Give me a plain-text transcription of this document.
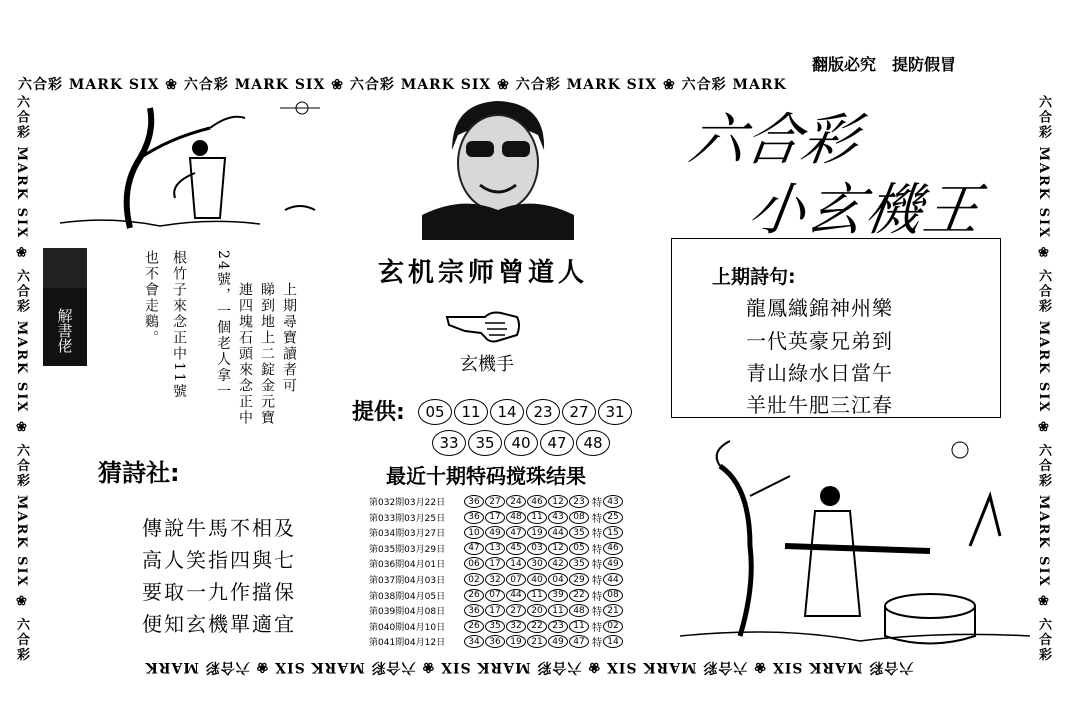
六合彩 MARK SIX ❀ 六合彩 MARK SIX ❀ 六合彩 MARK SIX ❀ 六合彩 MARK SIX ❀ 六合彩 MARK
六合彩 MARK SIX ❀ 六合彩 MARK SIX ❀ 六合彩 MARK SIX ❀ 六合彩 MARK SIX ❀ 六合彩 MARK
六合彩 MARK SIX ❀ 六合彩 MARK SIX ❀ 六合彩 MARK SIX ❀ 六合彩	六合彩 MARK SIX ❀ 六合彩 MARK SIX ❀ 六合彩 MARK SIX ❀ 六合彩
翻版必究　提防假冒
六合彩
小玄機王
上期詩句:
龍鳳織錦神州樂
一代英豪兄弟到
青山綠水日當午
羊壯牛肥三江春
玄机宗师曾道人
玄機手
提供:	05	11	14	23	27	31
33	35	40	47	48
最近十期特码搅珠结果
第032期03月22日	36	27	24	46	12	23 特 43
第033期03月25日	36	17	48	11	43	08 特 25
第034期03月27日	10	49	47	19	44	35 特 15
第035期03月29日	47	13	45	03	12	05 特 46
第036期04月01日	06	17	14	30	42	35 特 49
第037期04月03日	02	32	07	40	04	29 特 44
第038期04月05日	26	07	44	11	39	22 特 08
第039期04月08日	36	17	27	20	11	48 特 21
第040期04月10日	26	35	32	22	23	11 特 02
第041期04月12日	34	36	19	21	49	47 特 14
猜詩社:
傳說牛馬不相及
高人笑指四與七
要取一九作擋保
便知玄機單適宜
上期尋寶讀者可
睇到地上二錠金元寶
連四塊石頭來念正中
24號，一個老人拿一
根竹子來念正中11號
也不會走鷄。
解書佬
